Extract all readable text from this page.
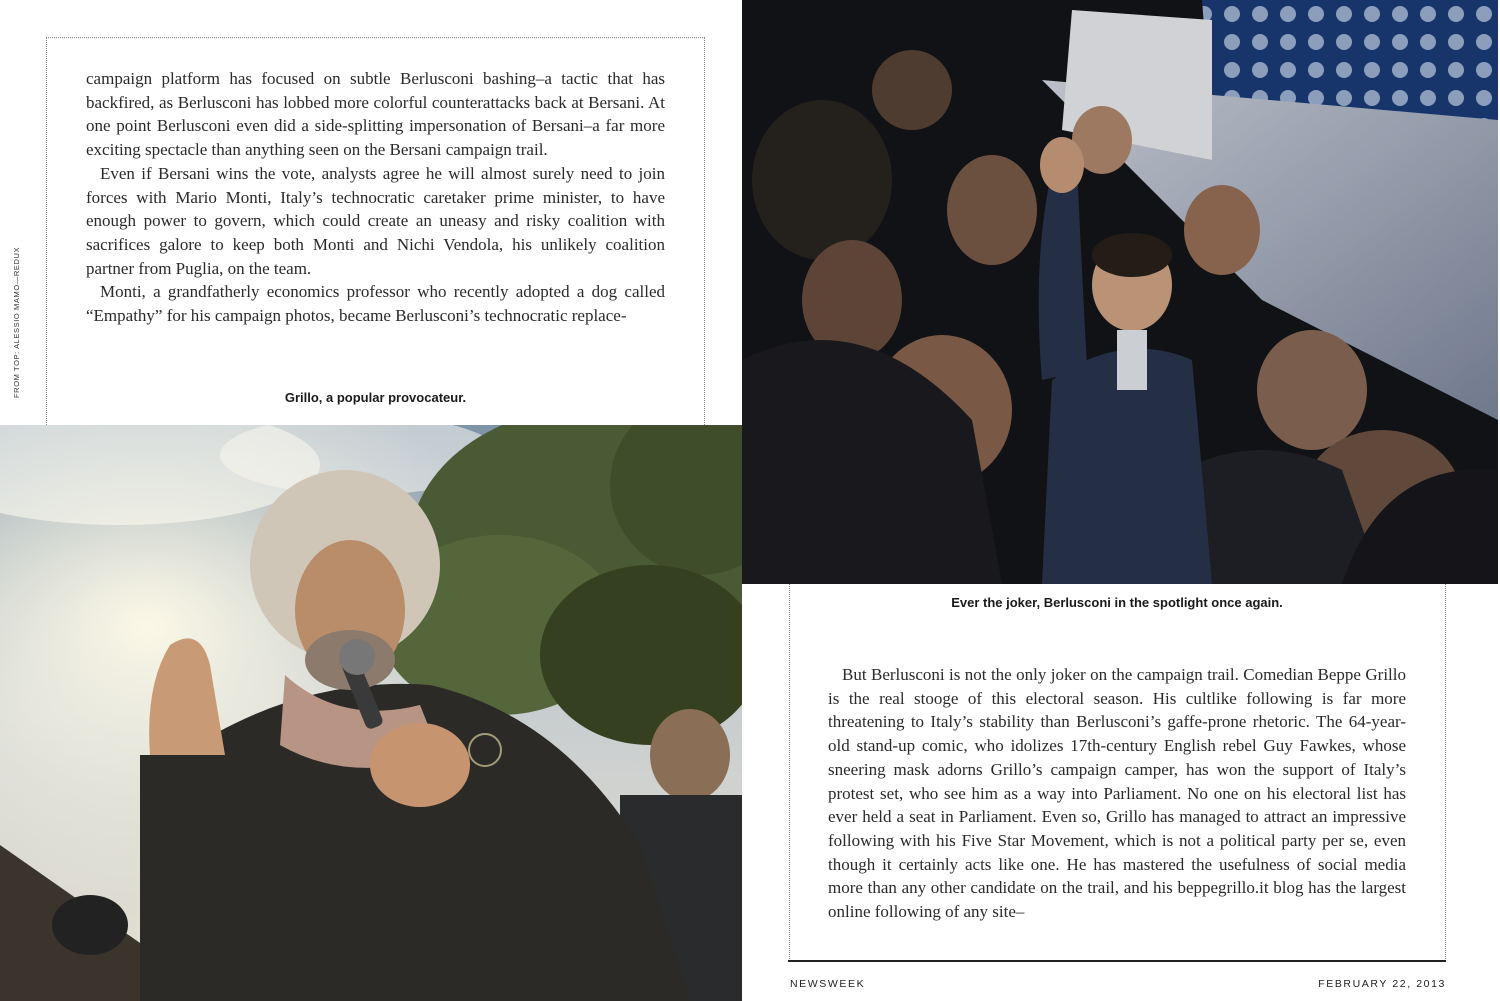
campaign platform has focused on subtle Berlusconi bashing–a tactic that has backfired, as Berlusconi has lobbed more colorful counterattacks back at Bersani. At one point Berlusconi even did a side-splitting impersonation of Bersani–a far more exciting spectacle than anything seen on the Bersani campaign trail.

Even if Bersani wins the vote, analysts agree he will almost surely need to join forces with Mario Monti, Italy’s technocratic caretaker prime minister, to have enough power to govern, which could create an uneasy and risky coalition with sacrifices galore to keep both Monti and Nichi Vendola, his unlikely coalition partner from Puglia, on the team.

Monti, a grandfatherly economics professor who recently adopted a dog called “Empathy” for his campaign photos, became Berlusconi’s technocratic replace-

Grillo, a popular provocateur.
FROM TOP: ALESSIO MAMO—REDUX
Ever the joker, Berlusconi in the spotlight once again.

But Berlusconi is not the only joker on the campaign trail. Comedian Beppe Grillo is the real stooge of this electoral season. His cultlike following is far more threatening to Italy’s stability than Berlusconi’s gaffe-prone rhetoric. The 64-year-old stand-up comic, who idolizes 17th-century English rebel Guy Fawkes, whose sneering mask adorns Grillo’s campaign camper, has won the support of Italy’s protest set, who see him as a way into Parliament. No one on his electoral list has ever held a seat in Parliament. Even so, Grillo has managed to attract an impressive following with his Five Star Movement, which is not a political party per se, even though it certainly acts like one. He has mastered the usefulness of social media more than any other candidate on the trail, and his beppegrillo.it blog has the largest online following of any site–

NEWSWEEK	FEBRUARY 22, 2013
